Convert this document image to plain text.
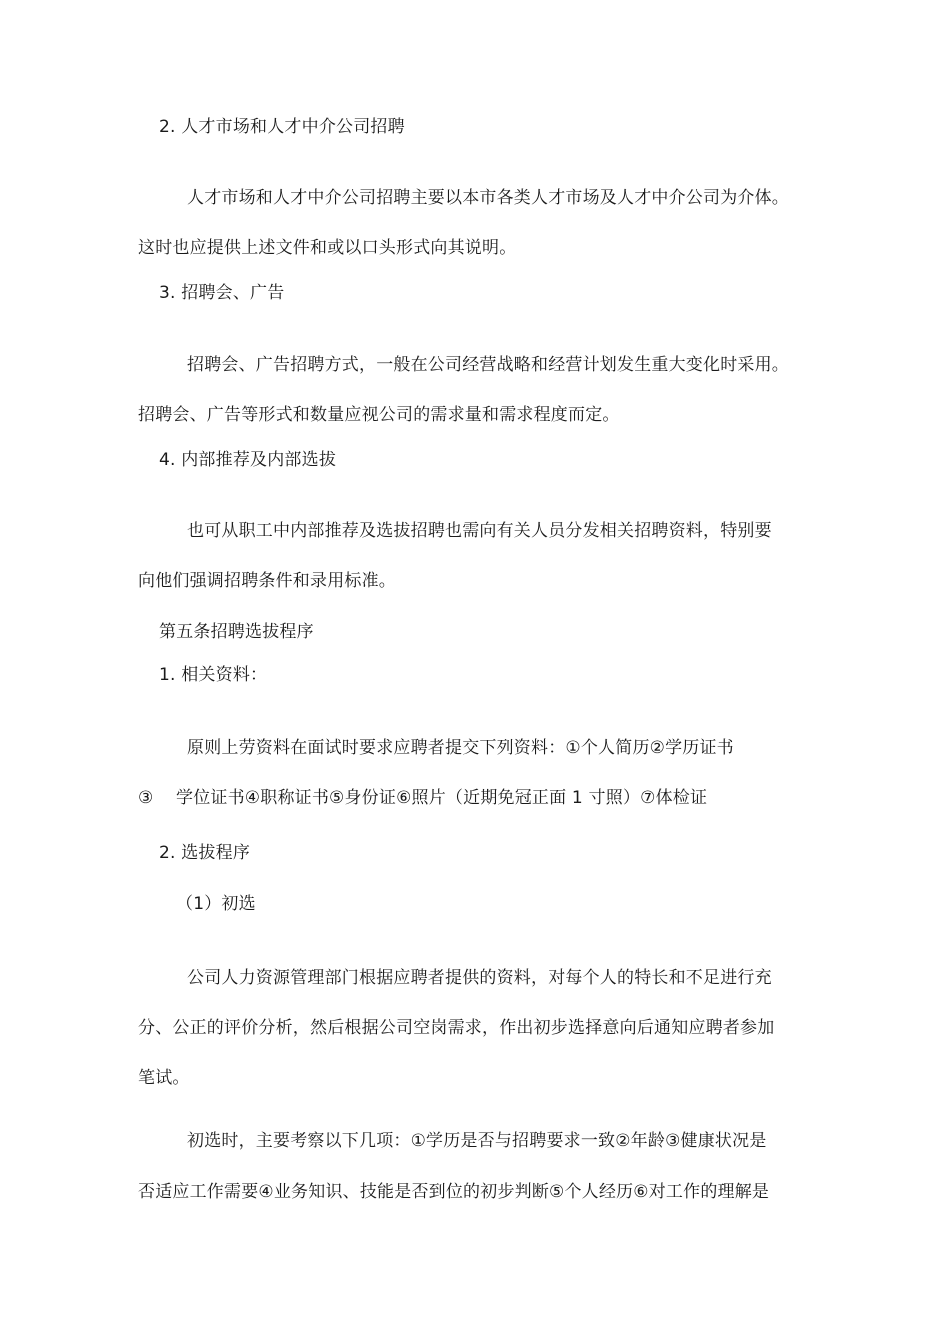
2. 人才市场和人才中介公司招聘
人才市场和人才中介公司招聘主要以本市各类人才市场及人才中介公司为介体。
这时也应提供上述文件和或以口头形式向其说明。
3. 招聘会、广告
招聘会、广告招聘方式，一般在公司经营战略和经营计划发生重大变化时采用。
招聘会、广告等形式和数量应视公司的需求量和需求程度而定。
4. 内部推荐及内部选拔
也可从职工中内部推荐及选拔招聘也需向有关人员分发相关招聘资料，特别要
向他们强调招聘条件和录用标准。
第五条招聘选拔程序
1. 相关资料：
原则上劳资料在面试时要求应聘者提交下列资料：①个人简历②学历证书
③ 学位证书④职称证书⑤身份证⑥照片（近期免冠正面 1 寸照）⑦体检证
2. 选拔程序
（1）初选
公司人力资源管理部门根据应聘者提供的资料，对每个人的特长和不足进行充
分、公正的评价分析，然后根据公司空岗需求，作出初步选择意向后通知应聘者参加
笔试。
初选时，主要考察以下几项：①学历是否与招聘要求一致②年龄③健康状况是
否适应工作需要④业务知识、技能是否到位的初步判断⑤个人经历⑥对工作的理解是
